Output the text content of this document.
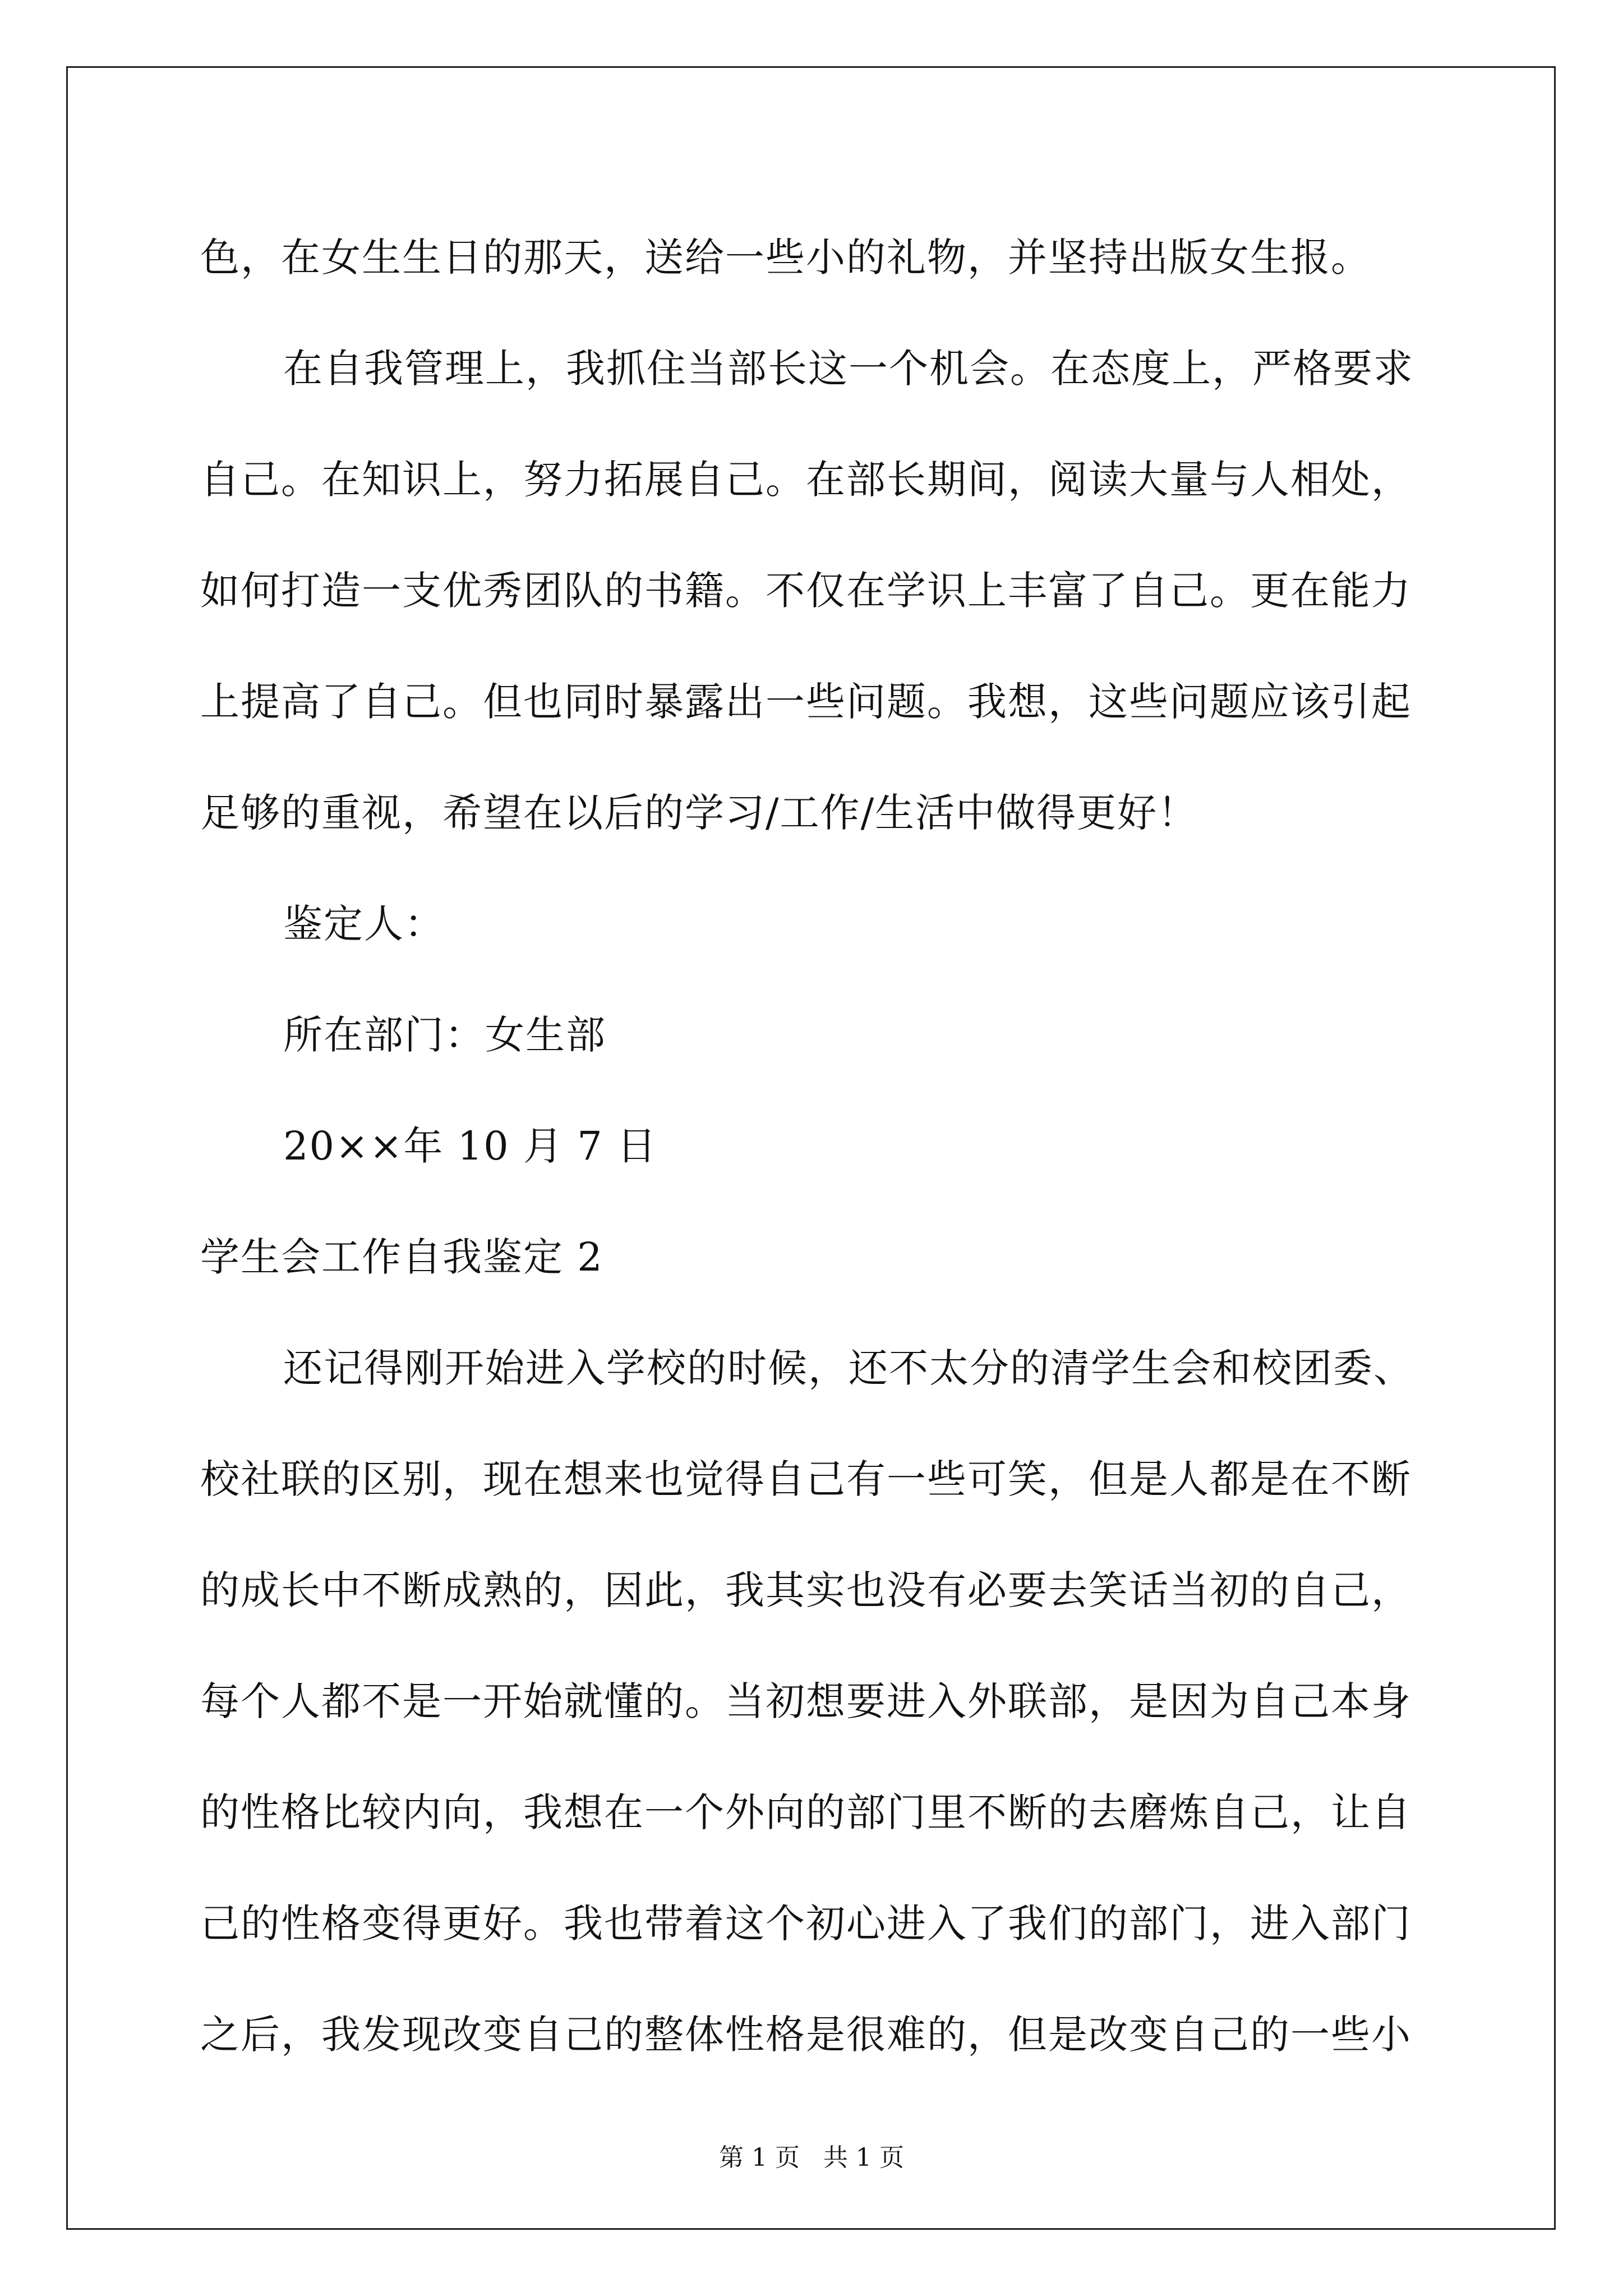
色，在女生生日的那天，送给一些小的礼物，并坚持出版女生报。
在自我管理上，我抓住当部长这一个机会。在态度上，严格要求
自己。在知识上，努力拓展自己。在部长期间，阅读大量与人相处，
如何打造一支优秀团队的书籍。不仅在学识上丰富了自己。更在能力
上提高了自己。但也同时暴露出一些问题。我想，这些问题应该引起
足够的重视，希望在以后的学习/工作/生活中做得更好！
鉴定人：
所在部门：女生部
20××年 10 月 7 日
学生会工作自我鉴定 2
还记得刚开始进入学校的时候，还不太分的清学生会和校团委、
校社联的区别，现在想来也觉得自己有一些可笑，但是人都是在不断
的成长中不断成熟的，因此，我其实也没有必要去笑话当初的自己，
每个人都不是一开始就懂的。当初想要进入外联部，是因为自己本身
的性格比较内向，我想在一个外向的部门里不断的去磨炼自己，让自
己的性格变得更好。我也带着这个初心进入了我们的部门，进入部门
之后，我发现改变自己的整体性格是很难的，但是改变自己的一些小
第 1 页 共 1 页
